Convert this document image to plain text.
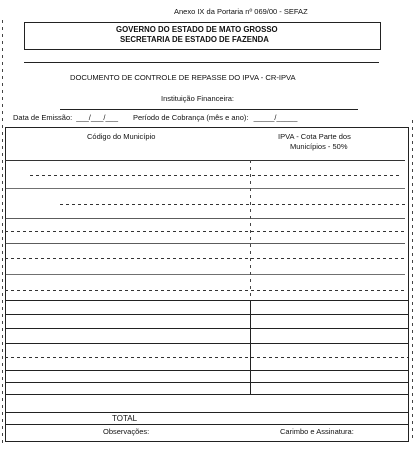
Anexo IX da Portaria nº 069/00 - SEFAZ
GOVERNO DO ESTADO DE MATO GROSSO
SECRETARIA DE ESTADO DE FAZENDA
DOCUMENTO DE CONTROLE DE REPASSE DO IPVA - CR-IPVA
Instituição Financeira:
Data de Emissão: ___/___/___ Período de Cobrança (mês e ano): _____/_____
Código do Município	IPVA - Cota Parte dos
Municípios - 50%
TOTAL
Observações:	Carimbo e Assinatura:
